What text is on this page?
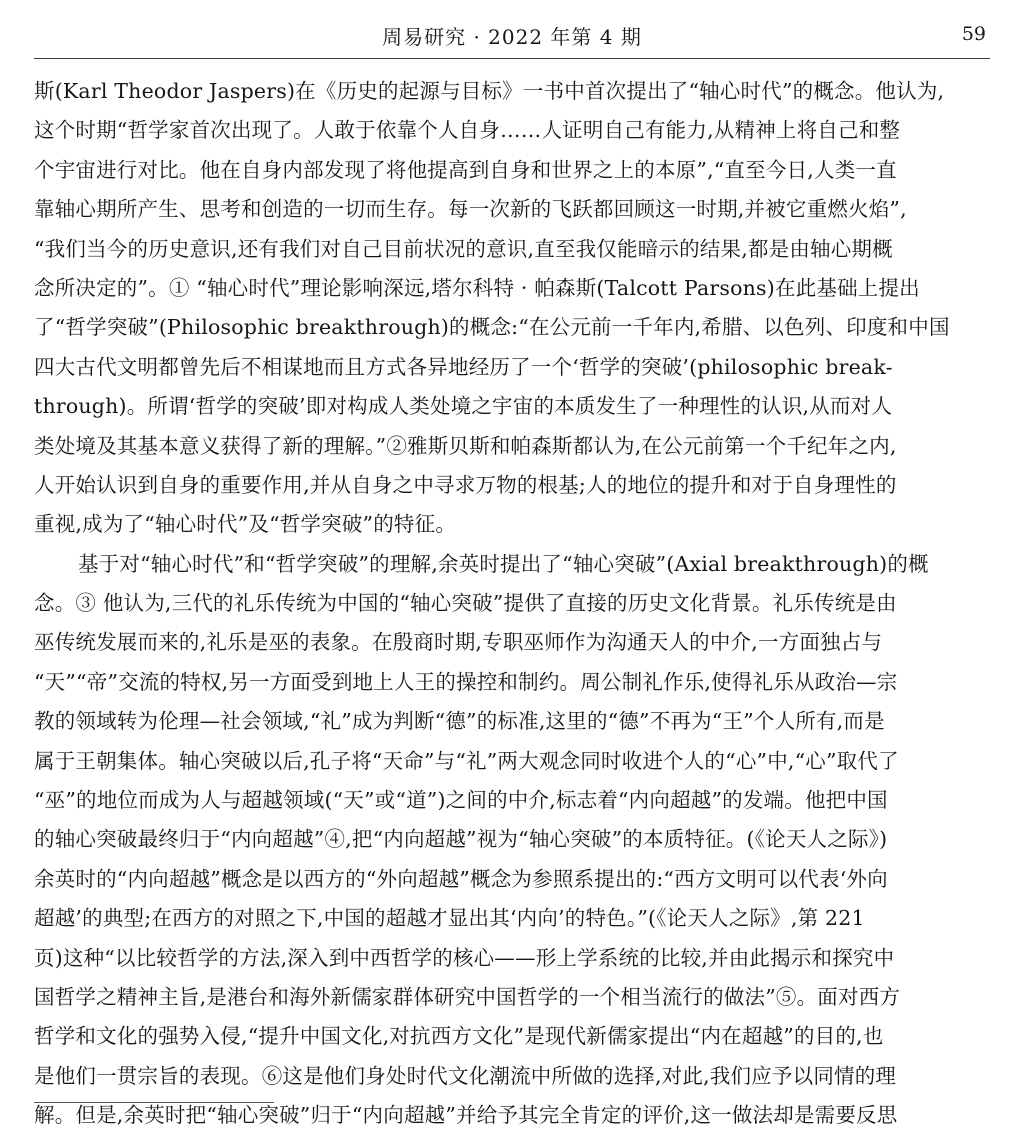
周易研究 · 2022 年第 4 期	59

斯(Karl Theodor Jaspers)在《历史的起源与目标》一书中首次提出了“轴心时代”的概念。他认为,
这个时期“哲学家首次出现了。人敢于依靠个人自身……人证明自己有能力,从精神上将自己和整
个宇宙进行对比。他在自身内部发现了将他提高到自身和世界之上的本原”,“直至今日,人类一直
靠轴心期所产生、思考和创造的一切而生存。每一次新的飞跃都回顾这一时期,并被它重燃火焰”,
“我们当今的历史意识,还有我们对自己目前状况的意识,直至我仅能暗示的结果,都是由轴心期概
念所决定的”。① “轴心时代”理论影响深远,塔尔科特 · 帕森斯(Talcott Parsons)在此基础上提出
了“哲学突破”(Philosophic breakthrough)的概念:“在公元前一千年内,希腊、以色列、印度和中国
四大古代文明都曾先后不相谋地而且方式各异地经历了一个‘哲学的突破’(philosophic break-
through)。所谓‘哲学的突破’即对构成人类处境之宇宙的本质发生了一种理性的认识,从而对人
类处境及其基本意义获得了新的理解。”②雅斯贝斯和帕森斯都认为,在公元前第一个千纪年之内,
人开始认识到自身的重要作用,并从自身之中寻求万物的根基;人的地位的提升和对于自身理性的
重视,成为了“轴心时代”及“哲学突破”的特征。

基于对“轴心时代”和“哲学突破”的理解,余英时提出了“轴心突破”(Axial breakthrough)的概
念。③ 他认为,三代的礼乐传统为中国的“轴心突破”提供了直接的历史文化背景。礼乐传统是由
巫传统发展而来的,礼乐是巫的表象。在殷商时期,专职巫师作为沟通天人的中介,一方面独占与
“天”“帝”交流的特权,另一方面受到地上人王的操控和制约。周公制礼作乐,使得礼乐从政治—宗
教的领域转为伦理—社会领域,“礼”成为判断“德”的标准,这里的“德”不再为“王”个人所有,而是
属于王朝集体。轴心突破以后,孔子将“天命”与“礼”两大观念同时收进个人的“心”中,“心”取代了
“巫”的地位而成为人与超越领域(“天”或“道”)之间的中介,标志着“内向超越”的发端。他把中国
的轴心突破最终归于“内向超越”④,把“内向超越”视为“轴心突破”的本质特征。(《论天人之际》)
余英时的“内向超越”概念是以西方的“外向超越”概念为参照系提出的:“西方文明可以代表‘外向
超越’的典型;在西方的对照之下,中国的超越才显出其‘内向’的特色。”(《论天人之际》,第 221
页)这种“以比较哲学的方法,深入到中西哲学的核心——形上学系统的比较,并由此揭示和探究中
国哲学之精神主旨,是港台和海外新儒家群体研究中国哲学的一个相当流行的做法”⑤。面对西方
哲学和文化的强势入侵,“提升中国文化,对抗西方文化”是现代新儒家提出“内在超越”的目的,也
是他们一贯宗旨的表现。⑥这是他们身处时代文化潮流中所做的选择,对此,我们应予以同情的理
解。但是,余英时把“轴心突破”归于“内向超越”并给予其完全肯定的评价,这一做法却是需要反思
